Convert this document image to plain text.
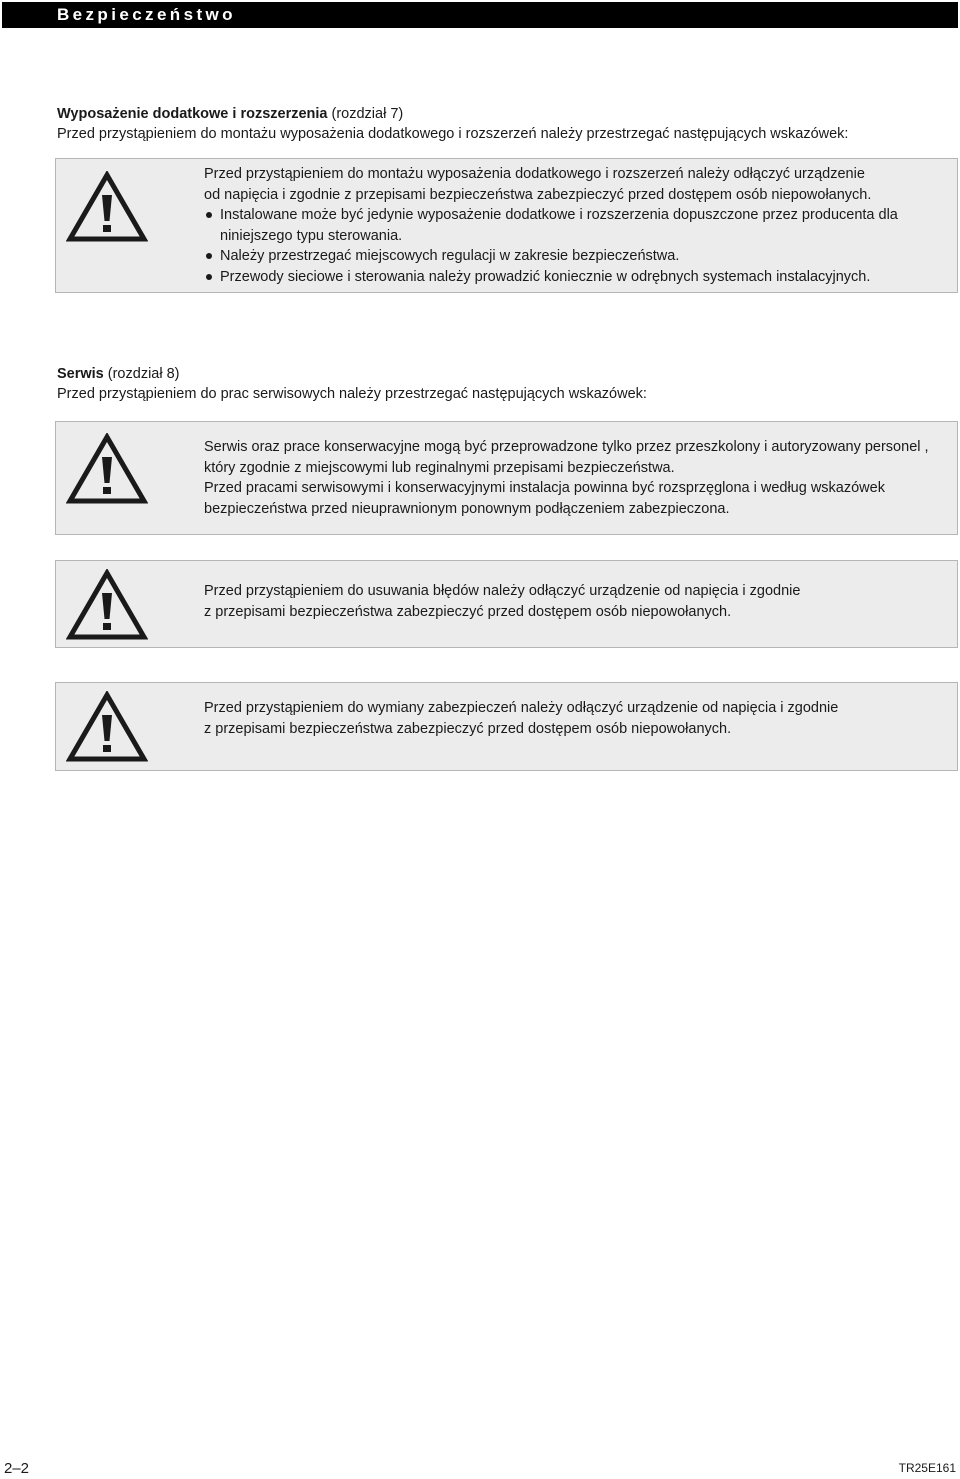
Bezpieczeństwo
Wyposażenie dodatkowe i rozszerzenia (rozdział 7)
Przed przystąpieniem do montażu wyposażenia dodatkowego i rozszerzeń należy przestrzegać następujących wskazówek:
Przed przystąpieniem do montażu wyposażenia dodatkowego i rozszerzeń należy odłączyć urządzenie
od napięcia i zgodnie z przepisami bezpieczeństwa zabezpieczyć przed dostępem osób niepowołanych.
Instalowane może być jedynie wyposażenie dodatkowe i rozszerzenia dopuszczone przez producenta dla niniejszego typu sterowania.
Należy przestrzegać miejscowych regulacji w zakresie bezpieczeństwa.
Przewody sieciowe i sterowania należy prowadzić koniecznie w odrębnych systemach instalacyjnych.
Serwis (rozdział 8)
Przed przystąpieniem do prac serwisowych należy przestrzegać następujących wskazówek:
Serwis oraz prace konserwacyjne mogą być przeprowadzone tylko przez przeszkolony i autoryzowany personel ,
który zgodnie z miejscowymi lub reginalnymi przepisami bezpieczeństwa.
Przed pracami serwisowymi i konserwacyjnymi instalacja powinna być rozsprzęglona i według wskazówek
bezpieczeństwa przed nieuprawnionym ponownym podłączeniem zabezpieczona.
Przed przystąpieniem do usuwania błędów należy odłączyć urządzenie od napięcia i zgodnie
z przepisami bezpieczeństwa zabezpieczyć przed dostępem osób niepowołanych.
Przed przystąpieniem do wymiany zabezpieczeń należy odłączyć urządzenie od napięcia i zgodnie
z przepisami bezpieczeństwa zabezpieczyć przed dostępem osób niepowołanych.
2–2	TR25E161
